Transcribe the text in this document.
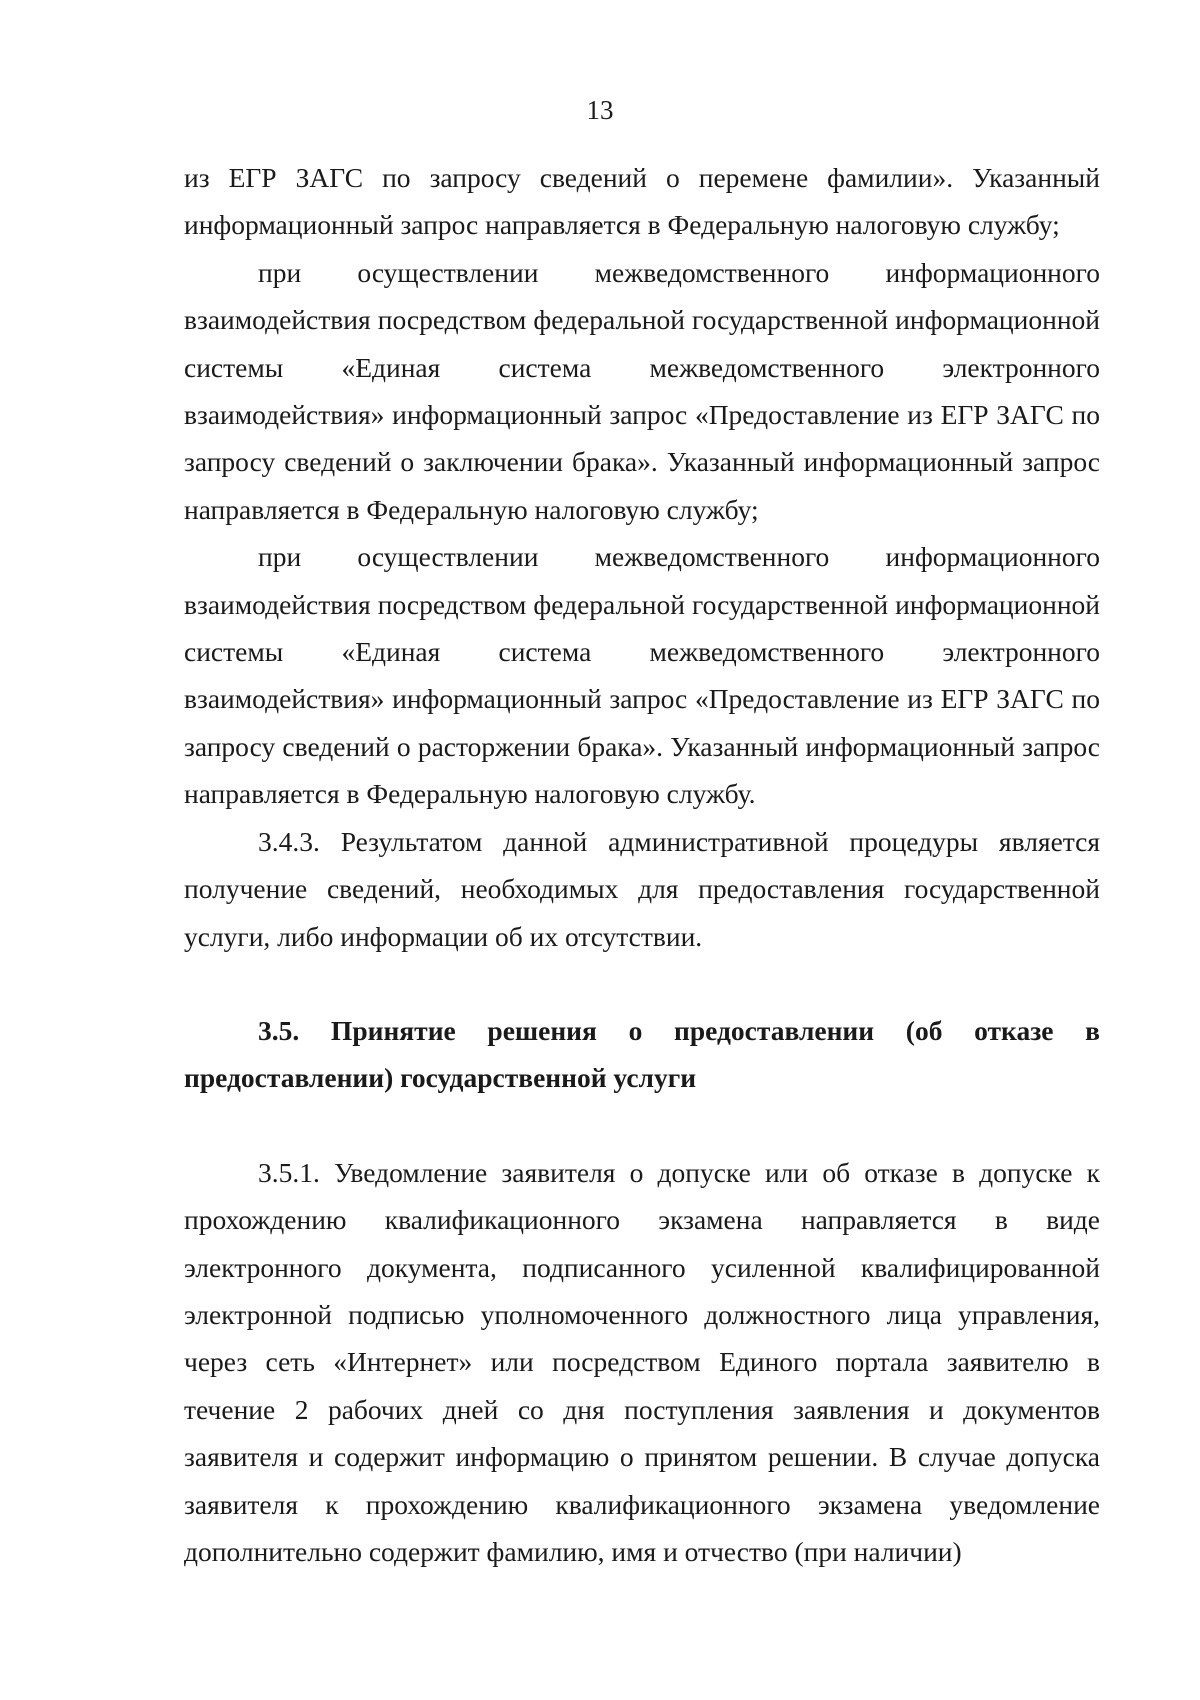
13

из ЕГР ЗАГС по запросу сведений о перемене фамилии». Указанный информационный запрос направляется в Федеральную налоговую службу;

при осуществлении межведомственного информационного взаимодействия посредством федеральной государственной информационной системы «Единая система межведомственного электронного взаимодействия» информационный запрос «Предоставление из ЕГР ЗАГС по запросу сведений о заключении брака». Указанный информационный запрос направляется в Федеральную налоговую службу;

при осуществлении межведомственного информационного взаимодействия посредством федеральной государственной информационной системы «Единая система межведомственного электронного взаимодействия» информационный запрос «Предоставление из ЕГР ЗАГС по запросу сведений о расторжении брака». Указанный информационный запрос направляется в Федеральную налоговую службу.

3.4.3. Результатом данной административной процедуры является получение сведений, необходимых для предоставления государственной услуги, либо информации об их отсутствии.

3.5. Принятие решения о предоставлении (об отказе в предоставлении) государственной услуги

3.5.1. Уведомление заявителя о допуске или об отказе в допуске к прохождению квалификационного экзамена направляется в виде электронного документа, подписанного усиленной квалифицированной электронной подписью уполномоченного должностного лица управления, через сеть «Интернет» или посредством Единого портала заявителю в течение 2 рабочих дней со дня поступления заявления и документов заявителя и содержит информацию о принятом решении. В случае допуска заявителя к прохождению квалификационного экзамена уведомление дополнительно содержит фамилию, имя и отчество (при наличии)
